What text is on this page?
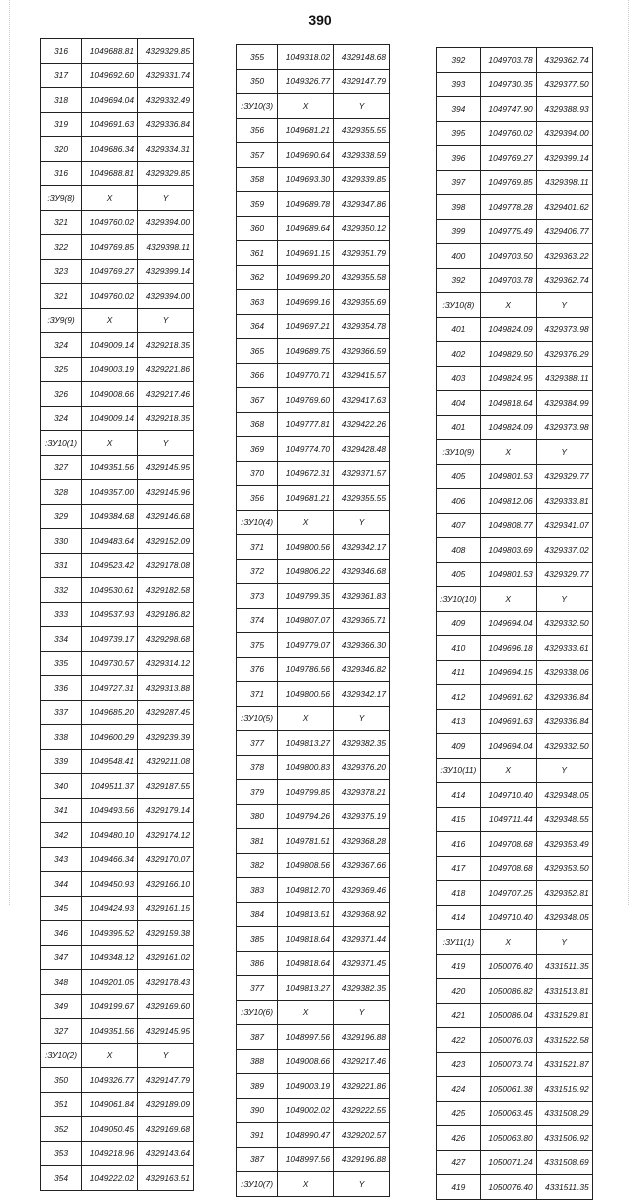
390
316	1049688.81	4329329.85
317	1049692.60	4329331.74
318	1049694.04	4329332.49
319	1049691.63	4329336.84
320	1049686.34	4329334.31
316	1049688.81	4329329.85
:ЗУ9(8)	X	Y
321	1049760.02	4329394.00
322	1049769.85	4329398.11
323	1049769.27	4329399.14
321	1049760.02	4329394.00
:ЗУ9(9)	X	Y
324	1049009.14	4329218.35
325	1049003.19	4329221.86
326	1049008.66	4329217.46
324	1049009.14	4329218.35
:ЗУ10(1)	X	Y
327	1049351.56	4329145.95
328	1049357.00	4329145.96
329	1049384.68	4329146.68
330	1049483.64	4329152.09
331	1049523.42	4329178.08
332	1049530.61	4329182.58
333	1049537.93	4329186.82
334	1049739.17	4329298.68
335	1049730.57	4329314.12
336	1049727.31	4329313.88
337	1049685.20	4329287.45
338	1049600.29	4329239.39
339	1049548.41	4329211.08
340	1049511.37	4329187.55
341	1049493.56	4329179.14
342	1049480.10	4329174.12
343	1049466.34	4329170.07
344	1049450.93	4329166.10
345	1049424.93	4329161.15
346	1049395.52	4329159.38
347	1049348.12	4329161.02
348	1049201.05	4329178.43
349	1049199.67	4329169.60
327	1049351.56	4329145.95
:ЗУ10(2)	X	Y
350	1049326.77	4329147.79
351	1049061.84	4329189.09
352	1049050.45	4329169.68
353	1049218.96	4329143.64
354	1049222.02	4329163.51
355	1049318.02	4329148.68
350	1049326.77	4329147.79
:ЗУ10(3)	X	Y
356	1049681.21	4329355.55
357	1049690.64	4329338.59
358	1049693.30	4329339.85
359	1049689.78	4329347.86
360	1049689.64	4329350.12
361	1049691.15	4329351.79
362	1049699.20	4329355.58
363	1049699.16	4329355.69
364	1049697.21	4329354.78
365	1049689.75	4329366.59
366	1049770.71	4329415.57
367	1049769.60	4329417.63
368	1049777.81	4329422.26
369	1049774.70	4329428.48
370	1049672.31	4329371.57
356	1049681.21	4329355.55
:ЗУ10(4)	X	Y
371	1049800.56	4329342.17
372	1049806.22	4329346.68
373	1049799.35	4329361.83
374	1049807.07	4329365.71
375	1049779.07	4329366.30
376	1049786.56	4329346.82
371	1049800.56	4329342.17
:ЗУ10(5)	X	Y
377	1049813.27	4329382.35
378	1049800.83	4329376.20
379	1049799.85	4329378.21
380	1049794.26	4329375.19
381	1049781.51	4329368.28
382	1049808.56	4329367.66
383	1049812.70	4329369.46
384	1049813.51	4329368.92
385	1049818.64	4329371.44
386	1049818.64	4329371.45
377	1049813.27	4329382.35
:ЗУ10(6)	X	Y
387	1048997.56	4329196.88
388	1049008.66	4329217.46
389	1049003.19	4329221.86
390	1049002.02	4329222.55
391	1048990.47	4329202.57
387	1048997.56	4329196.88
:ЗУ10(7)	X	Y
392	1049703.78	4329362.74
393	1049730.35	4329377.50
394	1049747.90	4329388.93
395	1049760.02	4329394.00
396	1049769.27	4329399.14
397	1049769.85	4329398.11
398	1049778.28	4329401.62
399	1049775.49	4329406.77
400	1049703.50	4329363.22
392	1049703.78	4329362.74
:ЗУ10(8)	X	Y
401	1049824.09	4329373.98
402	1049829.50	4329376.29
403	1049824.95	4329388.11
404	1049818.64	4329384.99
401	1049824.09	4329373.98
:ЗУ10(9)	X	Y
405	1049801.53	4329329.77
406	1049812.06	4329333.81
407	1049808.77	4329341.07
408	1049803.69	4329337.02
405	1049801.53	4329329.77
:ЗУ10(10)	X	Y
409	1049694.04	4329332.50
410	1049696.18	4329333.61
411	1049694.15	4329338.06
412	1049691.62	4329336.84
413	1049691.63	4329336.84
409	1049694.04	4329332.50
:ЗУ10(11)	X	Y
414	1049710.40	4329348.05
415	1049711.44	4329348.55
416	1049708.68	4329353.49
417	1049708.68	4329353.50
418	1049707.25	4329352.81
414	1049710.40	4329348.05
:ЗУ11(1)	X	Y
419	1050076.40	4331511.35
420	1050086.82	4331513.81
421	1050086.04	4331529.81
422	1050076.03	4331522.58
423	1050073.74	4331521.87
424	1050061.38	4331515.92
425	1050063.45	4331508.29
426	1050063.80	4331506.92
427	1050071.24	4331508.69
419	1050076.40	4331511.35
